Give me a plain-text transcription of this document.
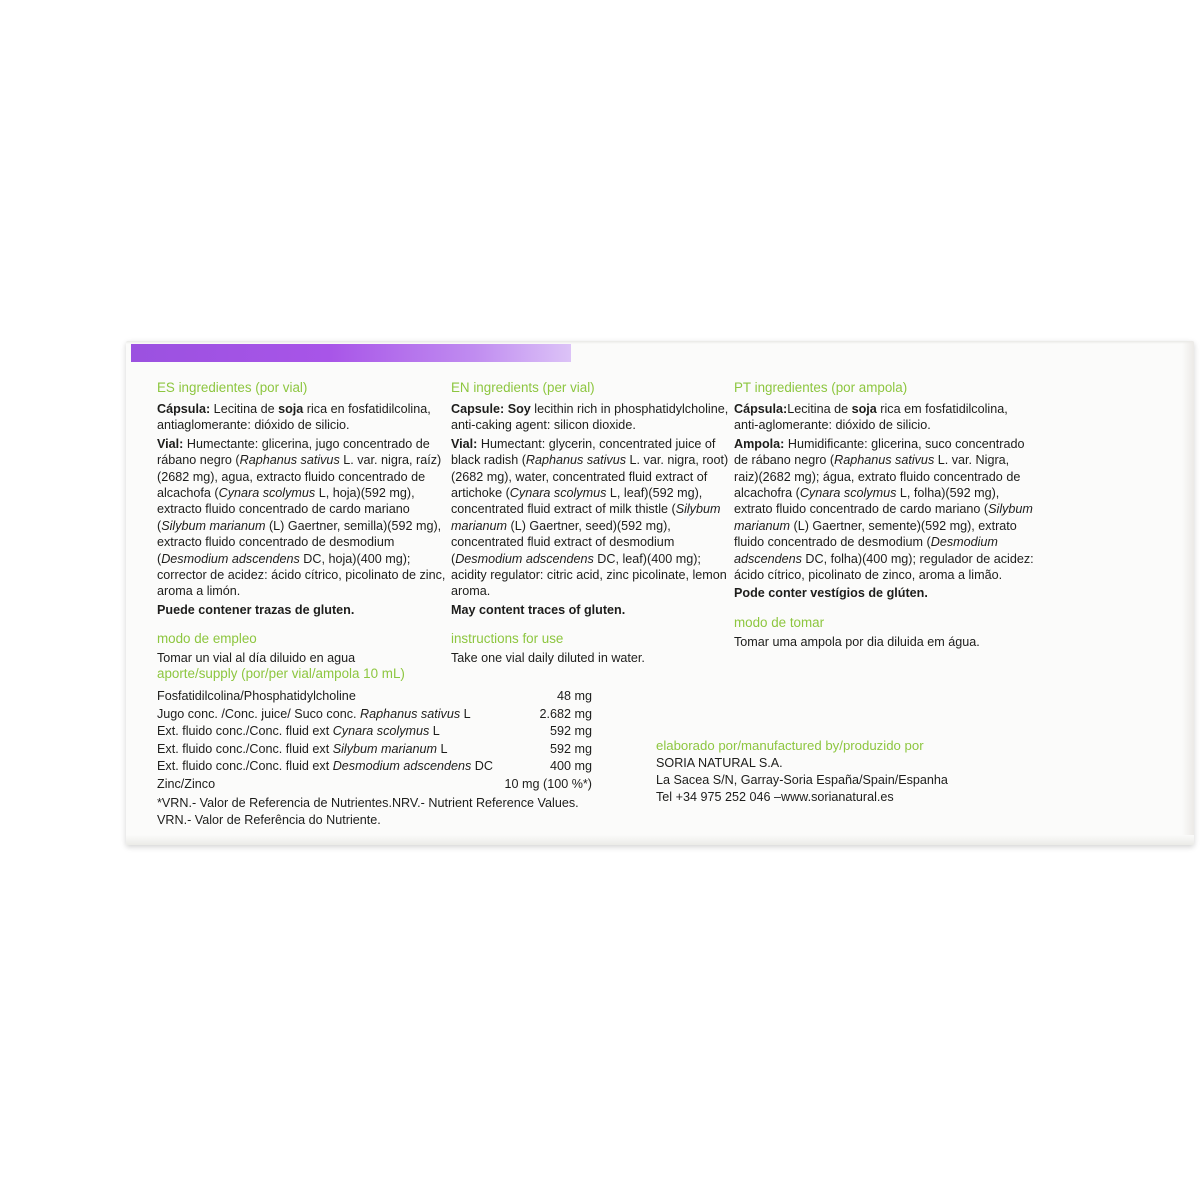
ES ingredientes (por vial)
Cápsula: Lecitina de soja rica en fosfatidilcolina, antiaglomerante: dióxido de silicio.
Vial: Humectante: glicerina, jugo concentrado de rábano negro (Raphanus sativus L. var. nigra, raíz)(2682 mg), agua, extracto fluido concentrado de alcachofa (Cynara scolymus L, hoja)(592 mg), extracto fluido concentrado de cardo mariano (Silybum marianum (L) Gaertner, semilla)(592 mg), extracto fluido concentrado de desmodium (Desmodium adscendens DC, hoja)(400 mg); corrector de acidez: ácido cítrico, picolinato de zinc, aroma a limón.
Puede contener trazas de gluten.
modo de empleo
Tomar un vial al día diluido en agua
EN ingredients (per vial)
Capsule: Soy lecithin rich in phosphatidylcholine, anti-caking agent: silicon dioxide.
Vial: Humectant: glycerin, concentrated juice of black radish (Raphanus sativus L. var. nigra, root)(2682 mg), water, concentrated fluid extract of artichoke (Cynara scolymus L, leaf)(592 mg), concentrated fluid extract of milk thistle (Silybum marianum (L) Gaertner, seed)(592 mg), concentrated fluid extract of desmodium (Desmodium adscendens DC, leaf)(400 mg); acidity regulator: citric acid, zinc picolinate, lemon aroma.
May content traces of gluten.
instructions for use
Take one vial daily diluted in water.
PT ingredientes (por ampola)
Cápsula:Lecitina de soja rica em fosfatidilcolina, anti-aglomerante: dióxido de silicio.
Ampola: Humidificante: glicerina, suco concentrado de rábano negro (Raphanus sativus L. var. Nigra, raiz)(2682 mg); água, extrato fluido concentrado de alcachofra (Cynara scolymus L, folha)(592 mg), extrato fluido concentrado de cardo mariano (Silybum marianum (L) Gaertner, semente)(592 mg), extrato fluido concentrado de desmodium (Desmodium adscendens DC, folha)(400 mg); regulador de acidez: ácido cítrico, picolinato de zinco, aroma a limão.
Pode conter vestígios de glúten.
modo de tomar
Tomar uma ampola por dia diluida em água.
aporte/supply (por/per vial/ampola 10 mL)
Fosfatidilcolina/Phosphatidylcholine	48 mg
Jugo conc. /Conc. juice/ Suco conc. Raphanus sativus L	2.682 mg
Ext. fluido conc./Conc. fluid ext Cynara scolymus L	592 mg
Ext. fluido conc./Conc. fluid ext Silybum marianum L	592 mg
Ext. fluido conc./Conc. fluid ext Desmodium adscendens DC	400 mg
Zinc/Zinco	10 mg (100 %*)
*VRN.- Valor de Referencia de Nutrientes.NRV.- Nutrient Reference Values.
VRN.- Valor de Referência do Nutriente.
elaborado por/manufactured by/produzido por
SORIA NATURAL S.A.
La Sacea S/N, Garray-Soria España/Spain/Espanha
Tel +34 975 252 046 –www.sorianatural.es
